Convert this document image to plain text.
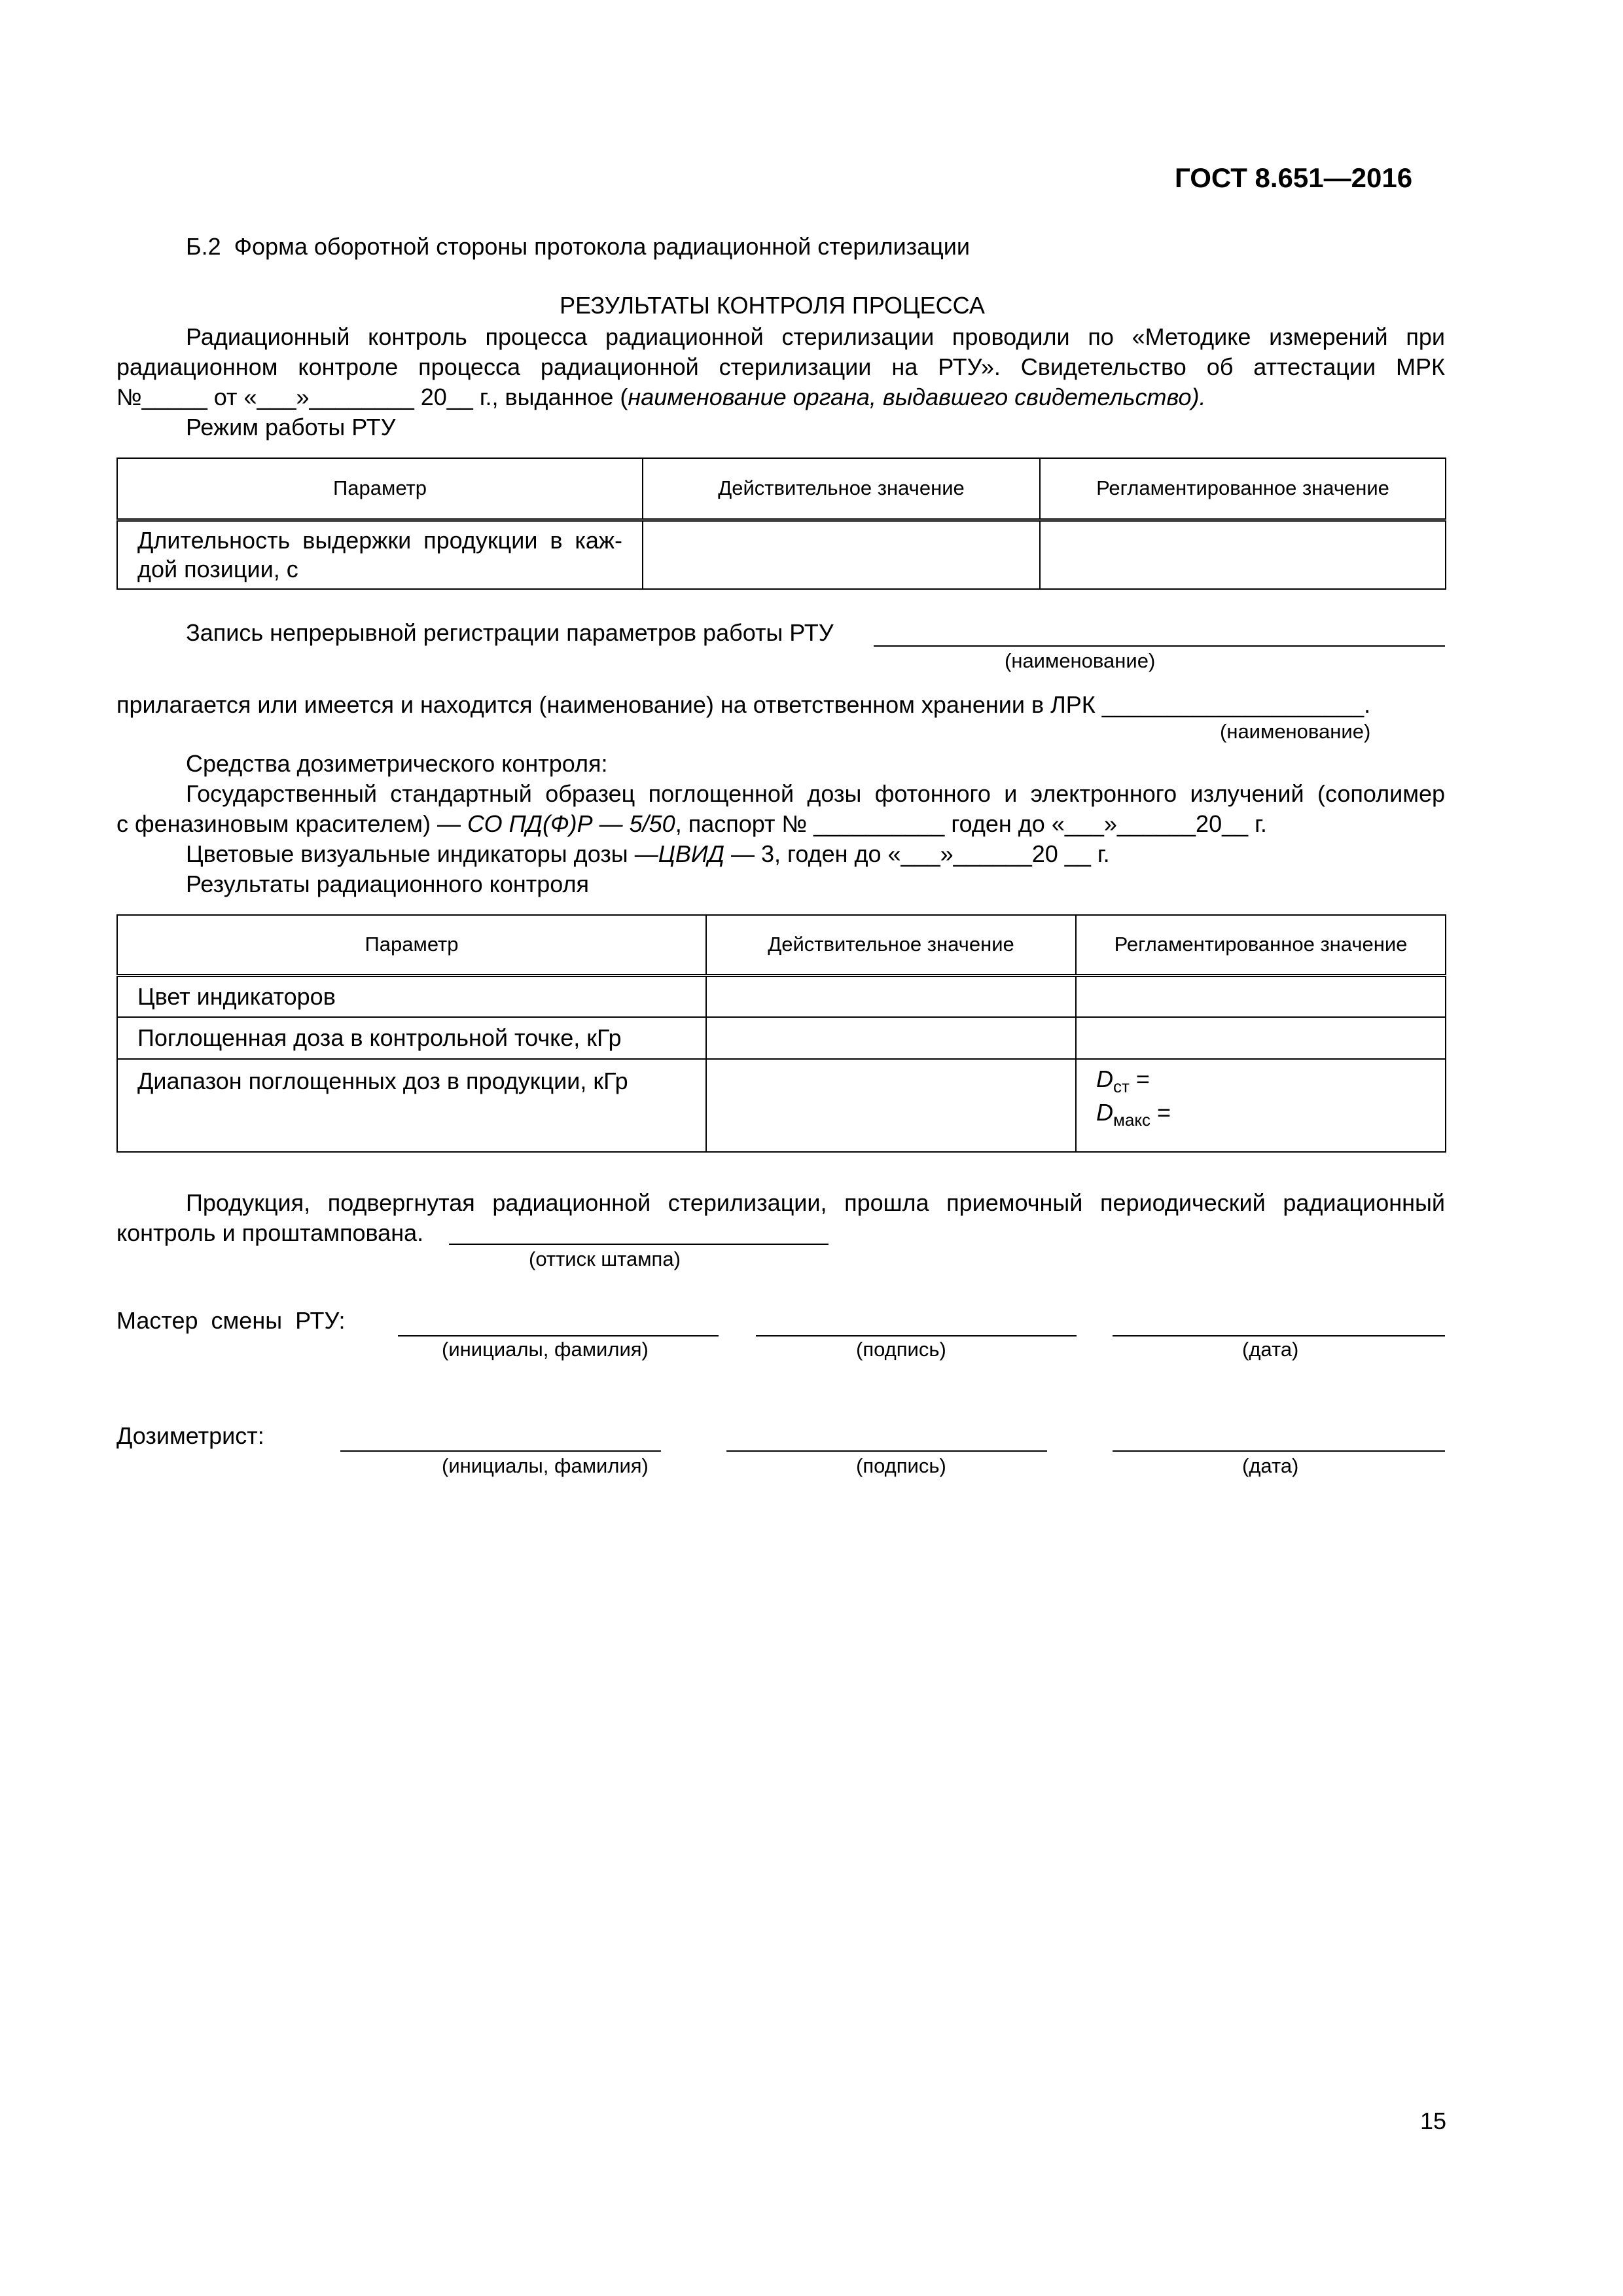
ГОСТ 8.651—2016
Б.2  Форма оборотной стороны протокола радиационной стерилизации
РЕЗУЛЬТАТЫ КОНТРОЛЯ ПРОЦЕССА
Радиационный контроль процесса радиационной стерилизации проводили по «Методике измерений при
радиационном контроле процесса радиационной стерилизации на РТУ». Свидетельство об аттестации МРК
№_____ от «___»________ 20__ г., выданное (наименование органа, выдавшего свидетельство).
Режим работы РТУ
Параметр	Действительное значение	Регламентированное значение

Длительность выдержки продукции в каж-
дой позиции, с		

Запись непрерывной регистрации параметров работы РТУ
(наименование)
прилагается или имеется и находится (наименование) на ответственном хранении в ЛРК ____________________.
(наименование)
Средства дозиметрического контроля:
Государственный стандартный образец поглощенной дозы фотонного и электронного излучений (сополимер
с феназиновым красителем) — СО ПД(Ф)Р — 5/50, паспорт № __________ годен до «___»______20__ г.
Цветовые визуальные индикаторы дозы —ЦВИД — 3, годен до «___»______20 __ г.
Результаты радиационного контроля
Параметр	Действительное значение	Регламентированное значение
Цвет индикаторов		
Поглощенная доза в контрольной точке, кГр		
Диапазон поглощенных доз в продукции, кГр		$D_{ст}$ =
$D_{макс}$ =
Продукция, подвергнутая радиационной стерилизации, прошла приемочный периодический радиационный
контроль и проштампована.
(оттиск штампа)
Мастер  смены  РТУ:
(инициалы, фамилия)	(подпись)	(дата)
Дозиметрист:
(инициалы, фамилия)	(подпись)	(дата)
15
